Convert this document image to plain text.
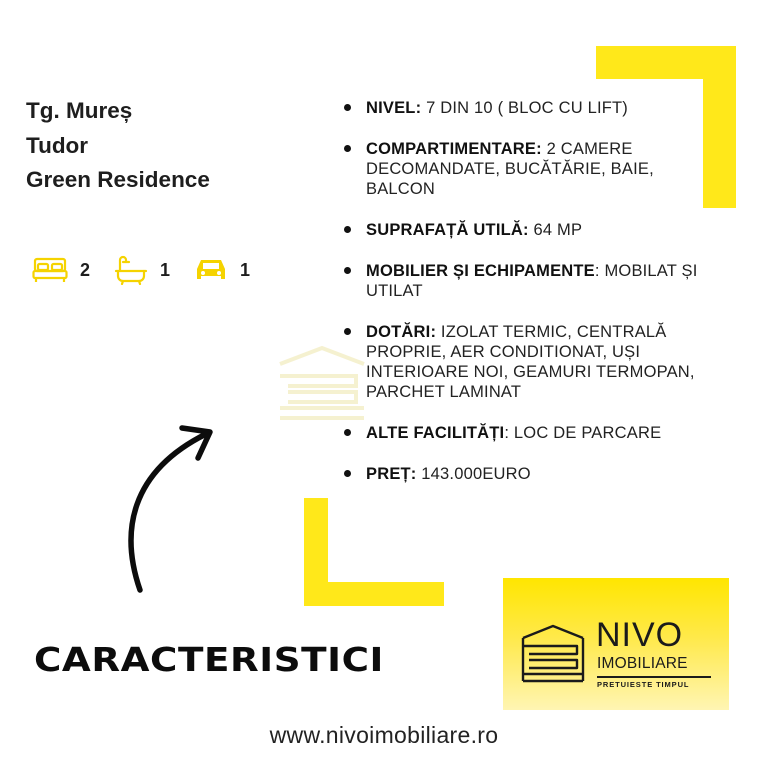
Tg. Mureș
Tudor
Green Residence
2	1	1
NIVEL: 7 DIN 10 ( BLOC CU LIFT)
COMPARTIMENTARE: 2 CAMERE DECOMANDATE, BUCĂTĂRIE, BAIE, BALCON
SUPRAFAȚĂ UTILĂ: 64 MP
MOBILIER ȘI ECHIPAMENTE: MOBILAT ȘI UTILAT
DOTĂRI: IZOLAT TERMIC, CENTRALĂ PROPRIE, AER CONDITIONAT, UȘI INTERIOARE NOI, GEAMURI TERMOPAN, PARCHET LAMINAT
ALTE FACILITĂȚI: LOC DE PARCARE
PREȚ: 143.000EURO
CARACTERISTICI
NIVO
IMOBILIARE
PRETUIESTE TIMPUL
www.nivoimobiliare.ro
